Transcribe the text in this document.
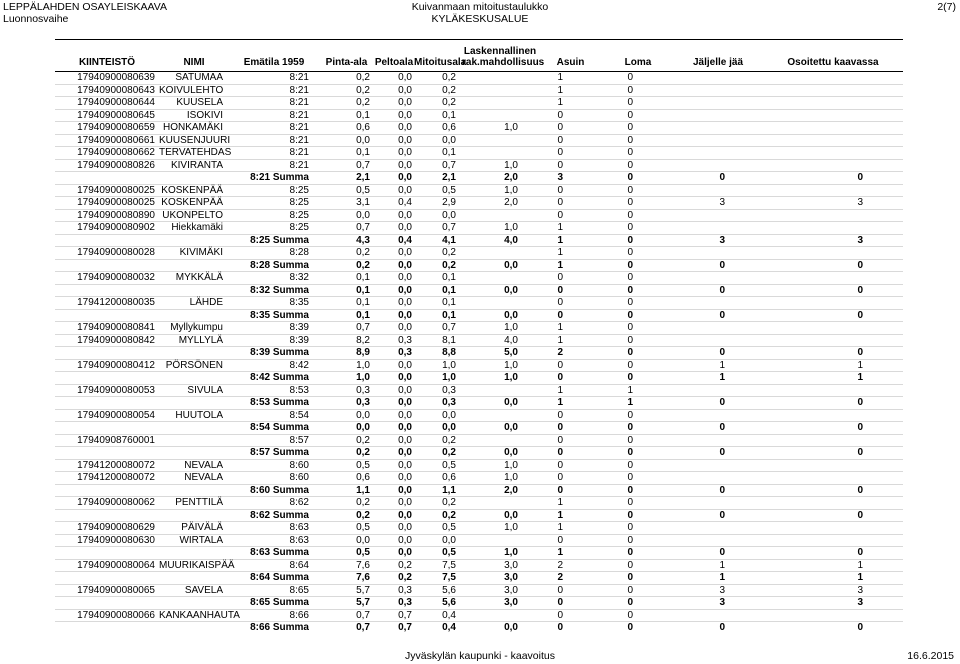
LEPPÄLAHDEN OSAYLEISKAAVA
Luonnosvaihe
Kuivanmaan mitoitustaulukko
KYLÄKESKUSALUE
2(7)
KIINTEISTÖ	NIMI	Emätila 1959	Pinta-ala	Peltoala	Mitoitusala	Laskennallinen rak.mahdollisuus	Asuin	Loma	Jäljelle jää	Osoitettu kaavassa
17940900080639	SATUMAA	8:21	0,2	0,0	0,2		1	0		
17940900080643	KOIVULEHTO	8:21	0,2	0,0	0,2		1	0		
17940900080644	KUUSELA	8:21	0,2	0,0	0,2		1	0		
17940900080645	ISOKIVI	8:21	0,1	0,0	0,1		0	0		
17940900080659	HONKAMÄKI	8:21	0,6	0,0	0,6	1,0	0	0		
17940900080661	KUUSENJUURI	8:21	0,0	0,0	0,0		0	0		
17940900080662	TERVATEHDAS	8:21	0,1	0,0	0,1		0	0		
17940900080826	KIVIRANTA	8:21	0,7	0,0	0,7	1,0	0	0		
		8:21 Summa	2,1	0,0	2,1	2,0	3	0	0	0
17940900080025	KOSKENPÄÄ	8:25	0,5	0,0	0,5	1,0	0	0		
17940900080025	KOSKENPÄÄ	8:25	3,1	0,4	2,9	2,0	0	0	3	3
17940900080890	UKONPELTO	8:25	0,0	0,0	0,0		0	0		
17940900080902	Hiekkamäki	8:25	0,7	0,0	0,7	1,0	1	0		
		8:25 Summa	4,3	0,4	4,1	4,0	1	0	3	3
17940900080028	KIVIMÄKI	8:28	0,2	0,0	0,2		1	0		
		8:28 Summa	0,2	0,0	0,2	0,0	1	0	0	0
17940900080032	MYKKÄLÄ	8:32	0,1	0,0	0,1		0	0		
		8:32 Summa	0,1	0,0	0,1	0,0	0	0	0	0
17941200080035	LÄHDE	8:35	0,1	0,0	0,1		0	0		
		8:35 Summa	0,1	0,0	0,1	0,0	0	0	0	0
17940900080841	Myllykumpu	8:39	0,7	0,0	0,7	1,0	1	0		
17940900080842	MYLLYLÄ	8:39	8,2	0,3	8,1	4,0	1	0		
		8:39 Summa	8,9	0,3	8,8	5,0	2	0	0	0
17940900080412	PÖRSÖNEN	8:42	1,0	0,0	1,0	1,0	0	0	1	1
		8:42 Summa	1,0	0,0	1,0	1,0	0	0	1	1
17940900080053	SIVULA	8:53	0,3	0,0	0,3		1	1		
		8:53 Summa	0,3	0,0	0,3	0,0	1	1	0	0
17940900080054	HUUTOLA	8:54	0,0	0,0	0,0		0	0		
		8:54 Summa	0,0	0,0	0,0	0,0	0	0	0	0
17940908760001		8:57	0,2	0,0	0,2		0	0		
		8:57 Summa	0,2	0,0	0,2	0,0	0	0	0	0
17941200080072	NEVALA	8:60	0,5	0,0	0,5	1,0	0	0		
17941200080072	NEVALA	8:60	0,6	0,0	0,6	1,0	0	0		
		8:60 Summa	1,1	0,0	1,1	2,0	0	0	0	0
17940900080062	PENTTILÄ	8:62	0,2	0,0	0,2		1	0		
		8:62 Summa	0,2	0,0	0,2	0,0	1	0	0	0
17940900080629	PÄIVÄLÄ	8:63	0,5	0,0	0,5	1,0	1	0		
17940900080630	WIRTALA	8:63	0,0	0,0	0,0		0	0		
		8:63 Summa	0,5	0,0	0,5	1,0	1	0	0	0
17940900080064	MUURIKAISPÄÄ	8:64	7,6	0,2	7,5	3,0	2	0	1	1
		8:64 Summa	7,6	0,2	7,5	3,0	2	0	1	1
17940900080065	SAVELA	8:65	5,7	0,3	5,6	3,0	0	0	3	3
		8:65 Summa	5,7	0,3	5,6	3,0	0	0	3	3
17940900080066	KANKAANHAUTA	8:66	0,7	0,7	0,4		0	0		
		8:66 Summa	0,7	0,7	0,4	0,0	0	0	0	0
Jyväskylän kaupunki - kaavoitus	16.6.2015
